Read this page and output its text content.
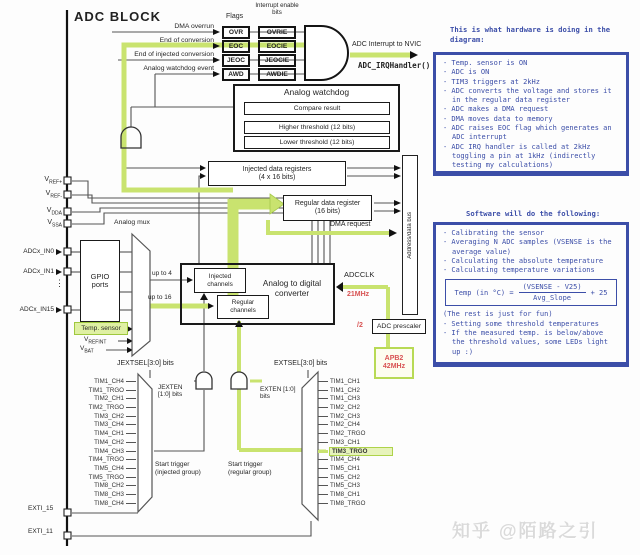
Analog watchdog
Compare result
Higher threshold (12 bits)
Lower threshold (12 bits)
Injected data registers
(4 x 16 bits)
Regular data register
(16 bits)
Address/data bus
GPIO ports	Analog to digital converter
Injected channels
Regular channels
Temp. sensor	ADC prescaler
APB2
42MHz
DMA overrun
OVR	OVRIE
End of conversion
EOC	EOCIE
End of injected conversion
JEOC	JEOCIE
Analog watchdog event
AWD	AWDIE
TIM1_CH4
TIM1_TRGO
TIM2_CH1
TIM2_TRGO
TIM3_CH2
TIM3_CH4
TIM4_CH1
TIM4_CH2
TIM4_CH3
TIM4_TRGO
TIM5_CH4
TIM5_TRGO
TIM8_CH2
TIM8_CH3
TIM8_CH4
TIM1_CH1
TIM1_CH2
TIM1_CH3
TIM2_CH2
TIM2_CH3
TIM2_CH4
TIM2_TRGO
TIM3_CH1
TIM3_TRGO
TIM4_CH4
TIM5_CH1
TIM5_CH2
TIM5_CH3
TIM8_CH1
TIM8_TRGO
ADC BLOCK	Flags
Interrupt enable bits
ADC Interrupt to NVIC
ADC_IRQHandler()
$V_{REF+}$
$V_{REF-}$
$V_{DDA}$
$V_{SSA}$
ADCx_IN0
ADCx_IN1
⋮
ADCx_IN15
$V_{REFINT}$
$V_{BAT}$
EXTI_15
EXTI_11
Analog mux
up to 4
up to 16
ADCCLK
21MHz
/2
DMA request
JEXTSEL[3:0] bits	EXTSEL[3:0] bits
JEXTEN [1:0] bits
EXTEN [1:0] bits
Start trigger (injected group)
Start trigger (regular group)
This is what hardware is doing in the diagram:
- Temp. sensor is ON
- ADC is ON
- TIM3 triggers at 2kHz
- ADC converts the voltage and stores it in the regular data register
- ADC makes a DMA request
- DMA moves data to memory
- ADC raises EOC flag which generates an ADC interrupt
- ADC IRQ handler is called at 2kHz toggling a pin at 1kHz (indirectly testing my calculations)
Software will do the following:
- Calibrating the sensor
- Averaging N ADC samples (VSENSE is the average value)
- Calculating the absolute temperature
- Calculating temperature variations
Temp (in $^\circ C) = \frac{\text{(VSENSE - V25)}}{\text{Avg\_Slope}} + 25$
(The rest is just for fun)
- Setting some threshold temperatures
- If the measured temp. is below/above the threshold values, some LEDs light up :)
知乎 @陌路之引
